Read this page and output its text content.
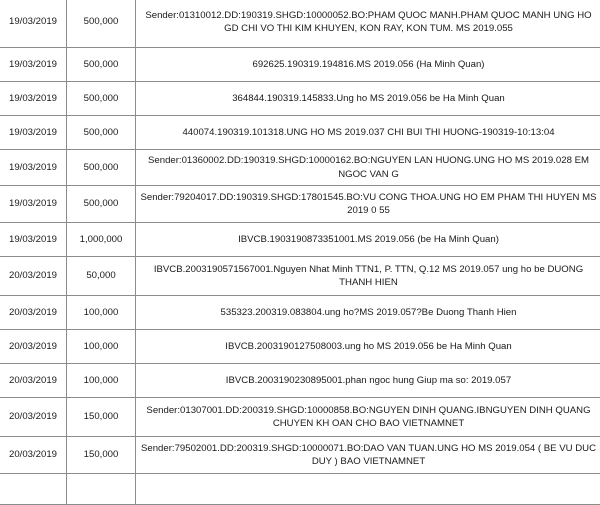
19/03/2019	500,000	Sender:01310012.DD:190319.SHGD:10000052.BO:PHAM QUOC MANH.PHAM QUOC MANH UNG HO GD CHI VO THI KIM KHUYEN, KON RAY, KON TUM. MS 2019.055
19/03/2019	500,000	692625.190319.194816.MS 2019.056 (Ha Minh Quan)
19/03/2019	500,000	364844.190319.145833.Ung ho MS 2019.056 be Ha Minh Quan
19/03/2019	500,000	440074.190319.101318.UNG HO MS 2019.037 CHI BUI THI HUONG-190319-10:13:04
19/03/2019	500,000	Sender:01360002.DD:190319.SHGD:10000162.BO:NGUYEN LAN HUONG.UNG HO MS 2019.028 EM NGOC VAN G
19/03/2019	500,000	Sender:79204017.DD:190319.SHGD:17801545.BO:VU CONG THOA.UNG HO EM PHAM THI HUYEN MS 2019 0 55
19/03/2019	1,000,000	IBVCB.1903190873351001.MS 2019.056 (be Ha Minh Quan)
20/03/2019	50,000	IBVCB.2003190571567001.Nguyen Nhat Minh TTN1, P. TTN, Q.12 MS 2019.057 ung ho be DUONG THANH HIEN
20/03/2019	100,000	535323.200319.083804.ung ho?MS 2019.057?Be Duong Thanh Hien
20/03/2019	100,000	IBVCB.2003190127508003.ung ho MS 2019.056 be Ha Minh Quan
20/03/2019	100,000	IBVCB.2003190230895001.phan ngoc hung Giup ma so: 2019.057
20/03/2019	150,000	Sender:01307001.DD:200319.SHGD:10000858.BO:NGUYEN DINH QUANG.IBNGUYEN DINH QUANG CHUYEN KH OAN CHO BAO VIETNAMNET
20/03/2019	150,000	Sender:79502001.DD:200319.SHGD:10000071.BO:DAO VAN TUAN.UNG HO MS 2019.054 ( BE VU DUC DUY ) BAO VIETNAMNET
